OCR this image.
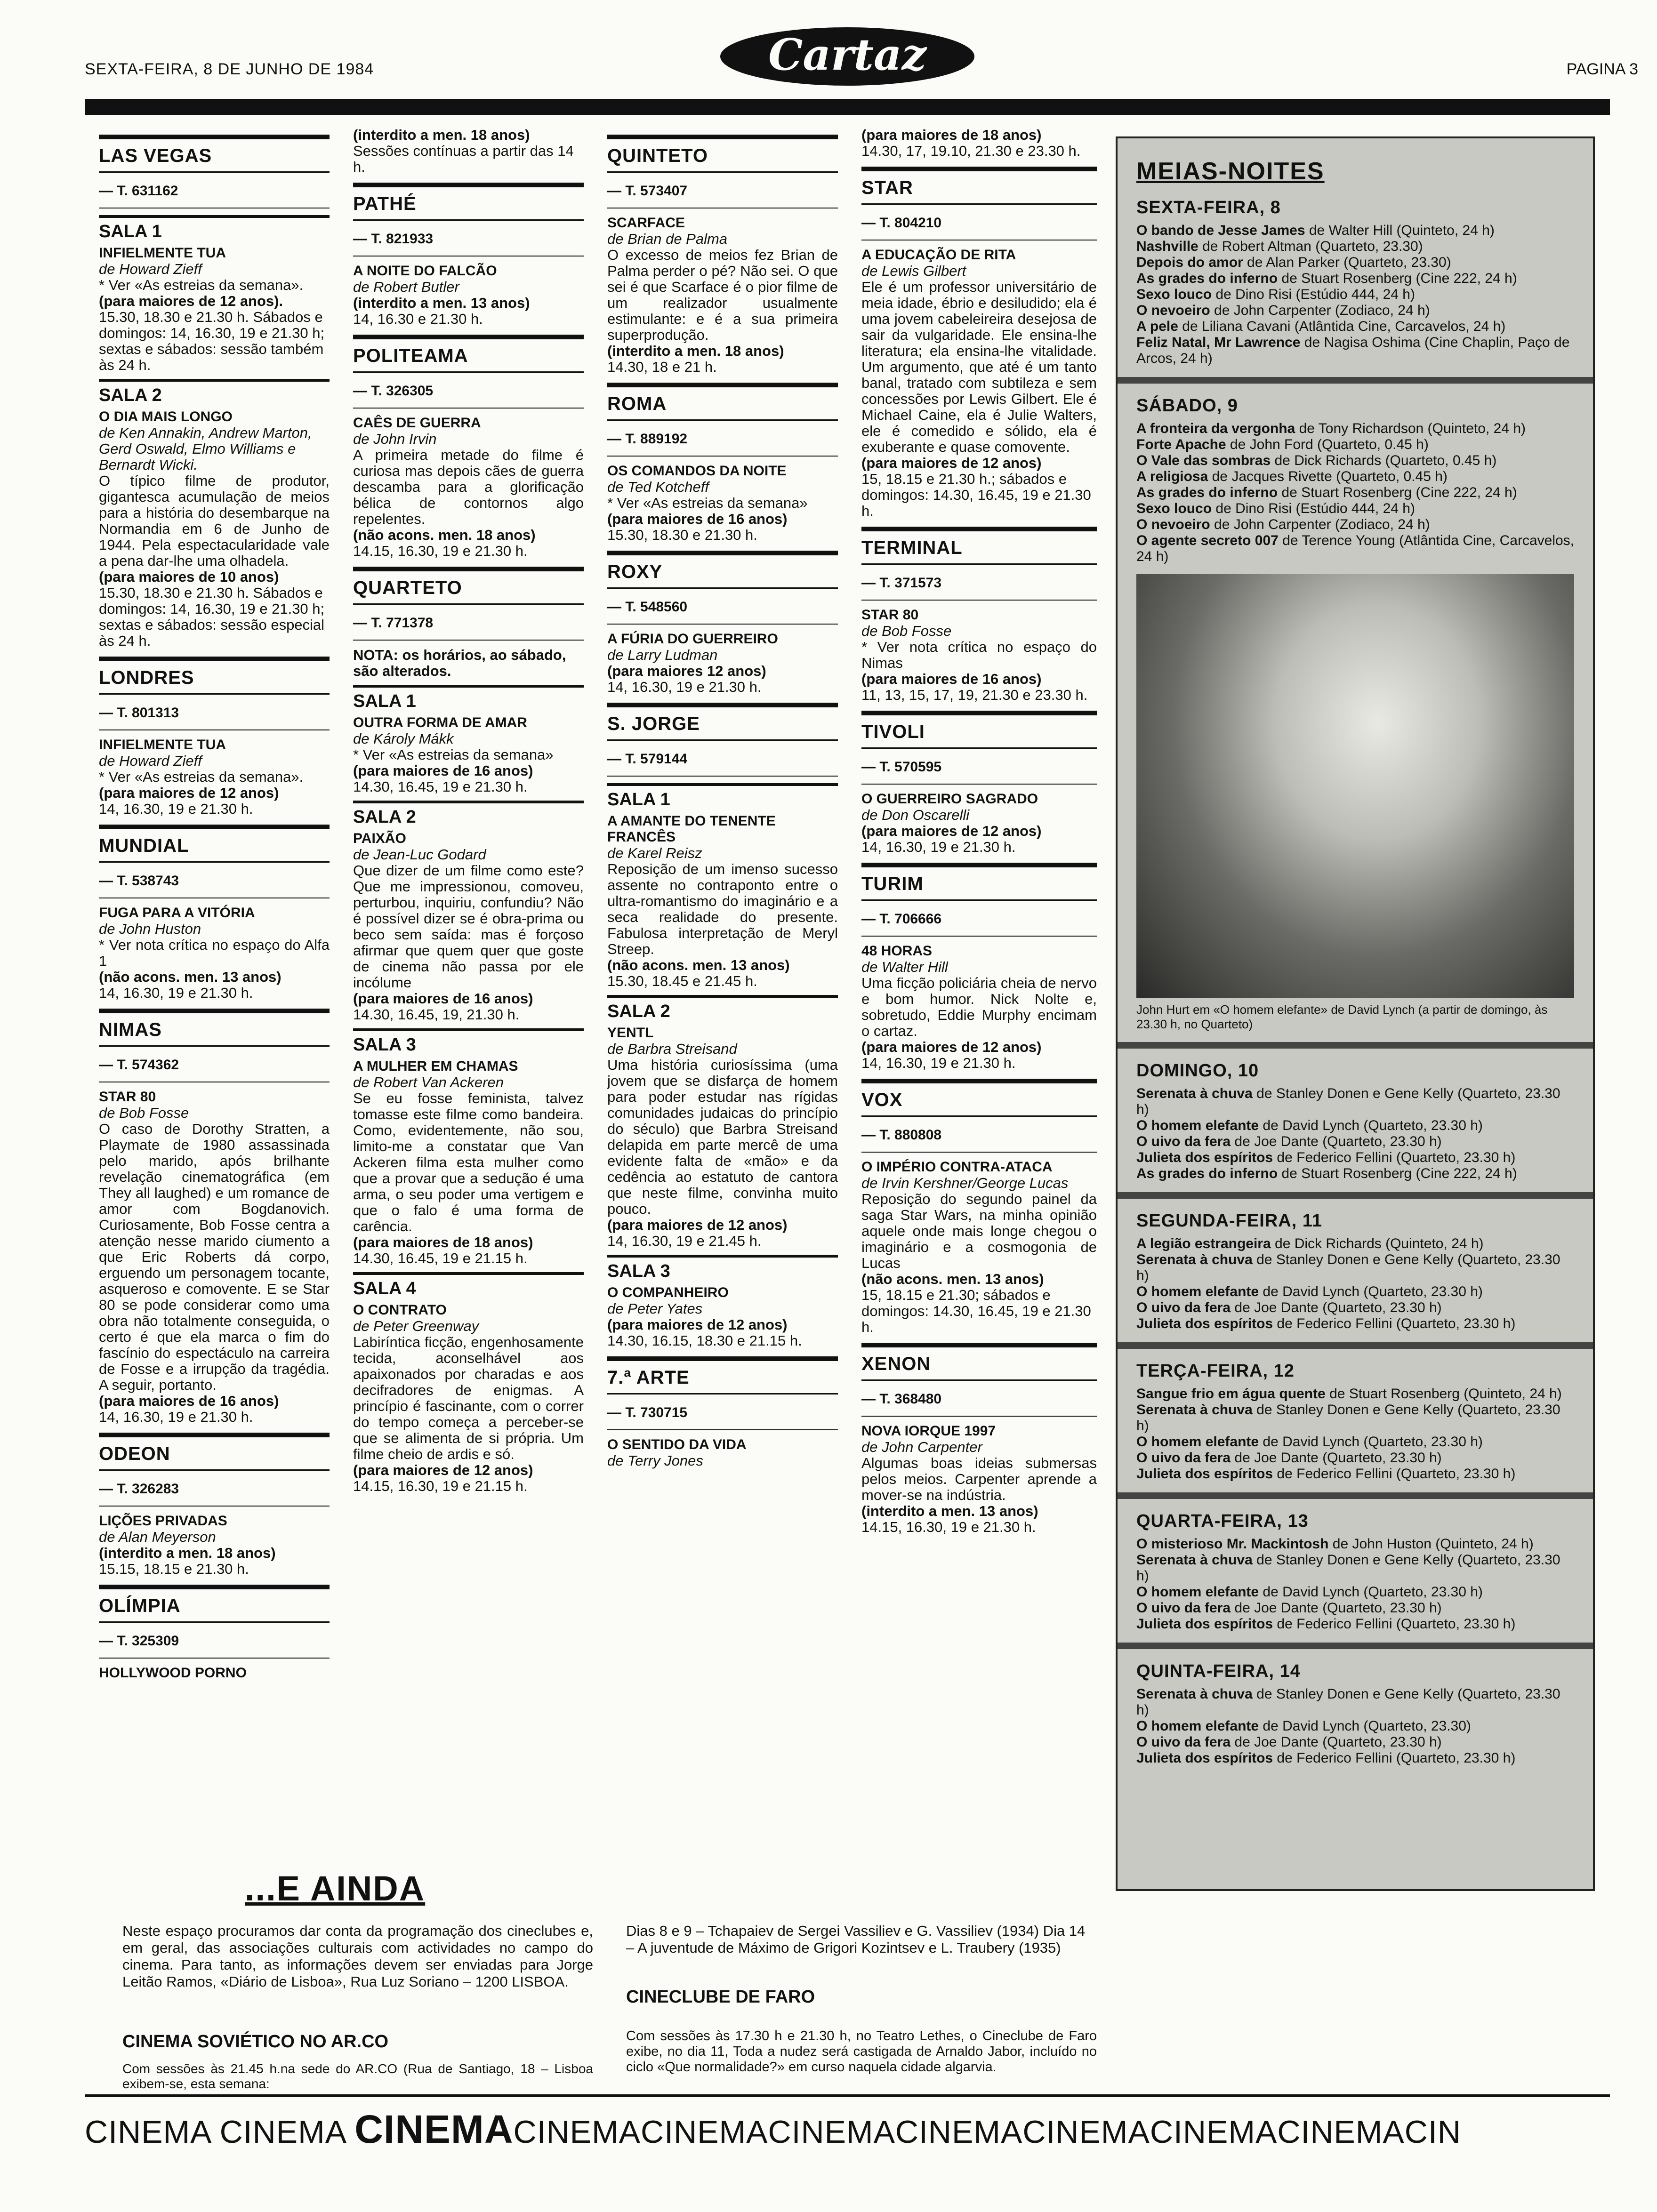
SEXTA-FEIRA, 8 DE JUNHO DE 1984	Cartaz	PAGINA 3
LAS VEGAS
— T. 631162
SALA 1
INFIELMENTE TUA
de Howard Zieff
* Ver «As estreias da semana».
(para maiores de 12 anos).
15.30, 18.30 e 21.30 h. Sábados e domingos: 14, 16.30, 19 e 21.30 h; sextas e sábados: sessão também às 24 h.
SALA 2
O DIA MAIS LONGO
de Ken Annakin, Andrew Marton, Gerd Oswald, Elmo Williams e Bernardt Wicki.
O típico filme de produtor, gigantesca acumulação de meios para a história do desembarque na Normandia em 6 de Junho de 1944. Pela espectacularidade vale a pena dar-lhe uma olhadela.
(para maiores de 10 anos)
15.30, 18.30 e 21.30 h. Sábados e domingos: 14, 16.30, 19 e 21.30 h; sextas e sábados: sessão especial às 24 h.
LONDRES
— T. 801313
INFIELMENTE TUA
de Howard Zieff
* Ver «As estreias da semana».
(para maiores de 12 anos)
14, 16.30, 19 e 21.30 h.
MUNDIAL
— T. 538743
FUGA PARA A VITÓRIA
de John Huston
* Ver nota crítica no espaço do Alfa 1
(não acons. men. 13 anos)
14, 16.30, 19 e 21.30 h.
NIMAS
— T. 574362
STAR 80
de Bob Fosse
O caso de Dorothy Stratten, a Playmate de 1980 assassinada pelo marido, após brilhante revelação cinematográfica (em They all laughed) e um romance de amor com Bogdanovich. Curiosamente, Bob Fosse centra a atenção nesse marido ciumento a que Eric Roberts dá corpo, erguendo um personagem tocante, asqueroso e comovente. E se Star 80 se pode considerar como uma obra não totalmente conseguida, o certo é que ela marca o fim do fascínio do espectáculo na carreira de Fosse e a irrupção da tragédia. A seguir, portanto.
(para maiores de 16 anos)
14, 16.30, 19 e 21.30 h.
ODEON
— T. 326283
LIÇÕES PRIVADAS
de Alan Meyerson
(interdito a men. 18 anos)
15.15, 18.15 e 21.30 h.
OLÍMPIA
— T. 325309
HOLLYWOOD PORNO
(interdito a men. 18 anos)
Sessões contínuas a partir das 14 h.
PATHÉ
— T. 821933
A NOITE DO FALCÃO
de Robert Butler
(interdito a men. 13 anos)
14, 16.30 e 21.30 h.
POLITEAMA
— T. 326305
CAÊS DE GUERRA
de John Irvin
A primeira metade do filme é curiosa mas depois cães de guerra descamba para a glorificação bélica de contornos algo repelentes.
(não acons. men. 18 anos)
14.15, 16.30, 19 e 21.30 h.
QUARTETO
— T. 771378
NOTA: os horários, ao sábado, são alterados.
SALA 1
OUTRA FORMA DE AMAR
de Károly Mákk
* Ver «As estreias da semana»
(para maiores de 16 anos)
14.30, 16.45, 19 e 21.30 h.
SALA 2
PAIXÃO
de Jean-Luc Godard
Que dizer de um filme como este? Que me impressionou, comoveu, perturbou, inquiriu, confundiu? Não é possível dizer se é obra-prima ou beco sem saída: mas é forçoso afirmar que quem quer que goste de cinema não passa por ele incólume
(para maiores de 16 anos)
14.30, 16.45, 19, 21.30 h.
SALA 3
A MULHER EM CHAMAS
de Robert Van Ackeren
Se eu fosse feminista, talvez tomasse este filme como bandeira. Como, evidentemente, não sou, limito-me a constatar que Van Ackeren filma esta mulher como que a provar que a sedução é uma arma, o seu poder uma vertigem e que o falo é uma forma de carência.
(para maiores de 18 anos)
14.30, 16.45, 19 e 21.15 h.
SALA 4
O CONTRATO
de Peter Greenway
Labiríntica ficção, engenhosamente tecida, aconselhável aos apaixonados por charadas e aos decifradores de enigmas. A princípio é fascinante, com o correr do tempo começa a perceber-se que se alimenta de si própria. Um filme cheio de ardis e só.
(para maiores de 12 anos)
14.15, 16.30, 19 e 21.15 h.
QUINTETO
— T. 573407
SCARFACE
de Brian de Palma
O excesso de meios fez Brian de Palma perder o pé? Não sei. O que sei é que Scarface é o pior filme de um realizador usualmente estimulante: e é a sua primeira superprodução.
(interdito a men. 18 anos)
14.30, 18 e 21 h.
ROMA
— T. 889192
OS COMANDOS DA NOITE
de Ted Kotcheff
* Ver «As estreias da semana»
(para maiores de 16 anos)
15.30, 18.30 e 21.30 h.
ROXY
— T. 548560
A FÚRIA DO GUERREIRO
de Larry Ludman
(para maiores 12 anos)
14, 16.30, 19 e 21.30 h.
S. JORGE
— T. 579144
SALA 1
A AMANTE DO TENENTE FRANCÊS
de Karel Reisz
Reposição de um imenso sucesso assente no contraponto entre o ultra-romantismo do imaginário e a seca realidade do presente. Fabulosa interpretação de Meryl Streep.
(não acons. men. 13 anos)
15.30, 18.45 e 21.45 h.
SALA 2
YENTL
de Barbra Streisand
Uma história curiosíssima (uma jovem que se disfarça de homem para poder estudar nas rígidas comunidades judaicas do princípio do século) que Barbra Streisand delapida em parte mercê de uma evidente falta de «mão» e da cedência ao estatuto de cantora que neste filme, convinha muito pouco.
(para maiores de 12 anos)
14, 16.30, 19 e 21.45 h.
SALA 3
O COMPANHEIRO
de Peter Yates
(para maiores de 12 anos)
14.30, 16.15, 18.30 e 21.15 h.
7.ª ARTE
— T. 730715
O SENTIDO DA VIDA
de Terry Jones
(para maiores de 18 anos)
14.30, 17, 19.10, 21.30 e 23.30 h.
STAR
— T. 804210
A EDUCAÇÃO DE RITA
de Lewis Gilbert
Ele é um professor universitário de meia idade, ébrio e desiludido; ela é uma jovem cabeleireira desejosa de sair da vulgaridade. Ele ensina-lhe literatura; ela ensina-lhe vitalidade. Um argumento, que até é um tanto banal, tratado com subtileza e sem concessões por Lewis Gilbert. Ele é Michael Caine, ela é Julie Walters, ele é comedido e sólido, ela é exuberante e quase comovente.
(para maiores de 12 anos)
15, 18.15 e 21.30 h.; sábados e domingos: 14.30, 16.45, 19 e 21.30 h.
TERMINAL
— T. 371573
STAR 80
de Bob Fosse
* Ver nota crítica no espaço do Nimas
(para maiores de 16 anos)
11, 13, 15, 17, 19, 21.30 e 23.30 h.
TIVOLI
— T. 570595
O GUERREIRO SAGRADO
de Don Oscarelli
(para maiores de 12 anos)
14, 16.30, 19 e 21.30 h.
TURIM
— T. 706666
48 HORAS
de Walter Hill
Uma ficção policiária cheia de nervo e bom humor. Nick Nolte e, sobretudo, Eddie Murphy encimam o cartaz.
(para maiores de 12 anos)
14, 16.30, 19 e 21.30 h.
VOX
— T. 880808
O IMPÉRIO CONTRA-ATACA
de Irvin Kershner/George Lucas
Reposição do segundo painel da saga Star Wars, na minha opinião aquele onde mais longe chegou o imaginário e a cosmogonia de Lucas
(não acons. men. 13 anos)
15, 18.15 e 21.30; sábados e domingos: 14.30, 16.45, 19 e 21.30 h.
XENON
— T. 368480
NOVA IORQUE 1997
de John Carpenter
Algumas boas ideias submersas pelos meios. Carpenter aprende a mover-se na indústria.
(interdito a men. 13 anos)
14.15, 16.30, 19 e 21.30 h.
MEIAS-NOITES
SEXTA-FEIRA, 8
O bando de Jesse James de Walter Hill (Quinteto, 24 h)
Nashville de Robert Altman (Quarteto, 23.30)
Depois do amor de Alan Parker (Quarteto, 23.30)
As grades do inferno de Stuart Rosenberg (Cine 222, 24 h)
Sexo louco de Dino Risi (Estúdio 444, 24 h)
O nevoeiro de John Carpenter (Zodiaco, 24 h)
A pele de Liliana Cavani (Atlântida Cine, Carcavelos, 24 h)
Feliz Natal, Mr Lawrence de Nagisa Oshima (Cine Chaplin, Paço de Arcos, 24 h)
SÁBADO, 9
A fronteira da vergonha de Tony Richardson (Quinteto, 24 h)
Forte Apache de John Ford (Quarteto, 0.45 h)
O Vale das sombras de Dick Richards (Quarteto, 0.45 h)
A religiosa de Jacques Rivette (Quarteto, 0.45 h)
As grades do inferno de Stuart Rosenberg (Cine 222, 24 h)
Sexo louco de Dino Risi (Estúdio 444, 24 h)
O nevoeiro de John Carpenter (Zodiaco, 24 h)
O agente secreto 007 de Terence Young (Atlântida Cine, Carcavelos, 24 h)
John Hurt em «O homem elefante» de David Lynch (a partir de domingo, às 23.30 h, no Quarteto)
DOMINGO, 10
Serenata à chuva de Stanley Donen e Gene Kelly (Quarteto, 23.30 h)
O homem elefante de David Lynch (Quarteto, 23.30 h)
O uivo da fera de Joe Dante (Quarteto, 23.30 h)
Julieta dos espíritos de Federico Fellini (Quarteto, 23.30 h)
As grades do inferno de Stuart Rosenberg (Cine 222, 24 h)
SEGUNDA-FEIRA, 11
A legião estrangeira de Dick Richards (Quinteto, 24 h)
Serenata à chuva de Stanley Donen e Gene Kelly (Quarteto, 23.30 h)
O homem elefante de David Lynch (Quarteto, 23.30 h)
O uivo da fera de Joe Dante (Quarteto, 23.30 h)
Julieta dos espíritos de Federico Fellini (Quarteto, 23.30 h)
TERÇA-FEIRA, 12
Sangue frio em água quente de Stuart Rosenberg (Quinteto, 24 h)
Serenata à chuva de Stanley Donen e Gene Kelly (Quarteto, 23.30 h)
O homem elefante de David Lynch (Quarteto, 23.30 h)
O uivo da fera de Joe Dante (Quarteto, 23.30 h)
Julieta dos espíritos de Federico Fellini (Quarteto, 23.30 h)
QUARTA-FEIRA, 13
O misterioso Mr. Mackintosh de John Huston (Quinteto, 24 h)
Serenata à chuva de Stanley Donen e Gene Kelly (Quarteto, 23.30 h)
O homem elefante de David Lynch (Quarteto, 23.30 h)
O uivo da fera de Joe Dante (Quarteto, 23.30 h)
Julieta dos espíritos de Federico Fellini (Quarteto, 23.30 h)
QUINTA-FEIRA, 14
Serenata à chuva de Stanley Donen e Gene Kelly (Quarteto, 23.30 h)
O homem elefante de David Lynch (Quarteto, 23.30)
O uivo da fera de Joe Dante (Quarteto, 23.30 h)
Julieta dos espíritos de Federico Fellini (Quarteto, 23.30 h)
...E AINDA
Neste espaço procuramos dar conta da programação dos cineclubes e, em geral, das associações culturais com actividades no campo do cinema. Para tanto, as informações devem ser enviadas para Jorge Leitão Ramos, «Diário de Lisboa», Rua Luz Soriano – 1200 LISBOA.
CINEMA SOVIÉTICO NO AR.CO
Com sessões às 21.45 h.na sede do AR.CO (Rua de Santiago, 18 – Lisboa exibem-se, esta semana:
Dias 8 e 9 – Tchapaiev de Sergei Vassiliev e G. Vassiliev (1934) Dia 14 – A juventude de Máximo de Grigori Kozintsev e L. Traubery (1935)
CINECLUBE DE FARO
Com sessões às 17.30 h e 21.30 h, no Teatro Lethes, o Cineclube de Faro exibe, no dia 11, Toda a nudez será castigada de Arnaldo Jabor, incluído no ciclo «Que normalidade?» em curso naquela cidade algarvia.
CINEMA CINEMA CINEMACINEMACINEMACINEMACINEMACINEMACINEMACINEMACIN
